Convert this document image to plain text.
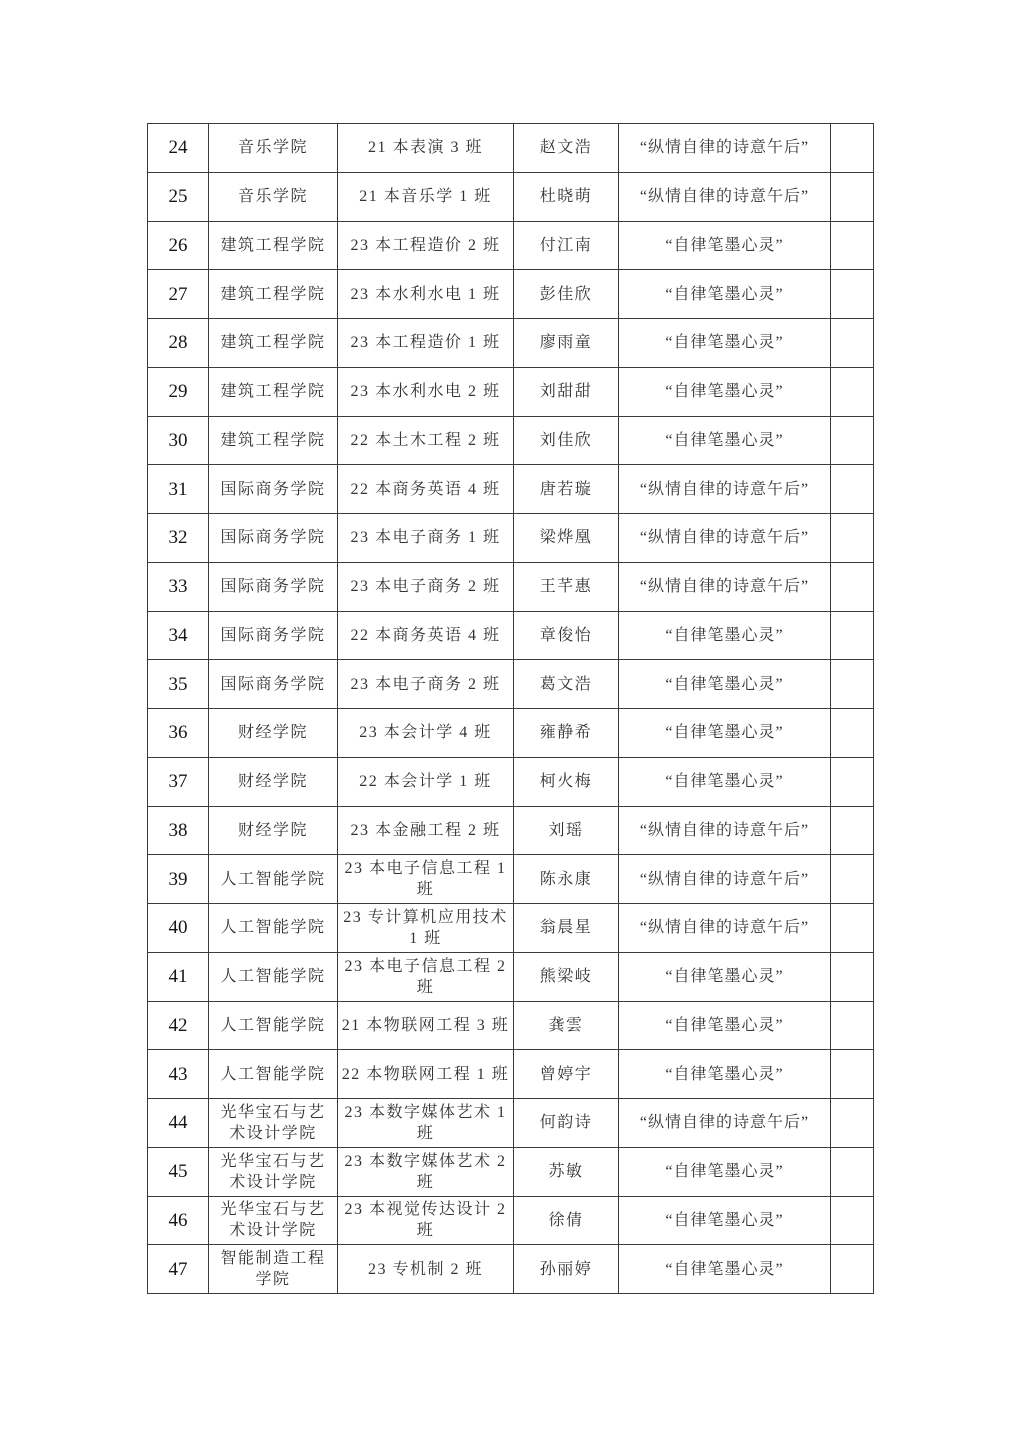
24	音乐学院	21 本表演 3 班	赵文浩	“纵情自律的诗意午后”	
25	音乐学院	21 本音乐学 1 班	杜晓萌	“纵情自律的诗意午后”	
26	建筑工程学院	23 本工程造价 2 班	付江南	“自律笔墨心灵”	
27	建筑工程学院	23 本水利水电 1 班	彭佳欣	“自律笔墨心灵”	
28	建筑工程学院	23 本工程造价 1 班	廖雨童	“自律笔墨心灵”	
29	建筑工程学院	23 本水利水电 2 班	刘甜甜	“自律笔墨心灵”	
30	建筑工程学院	22 本土木工程 2 班	刘佳欣	“自律笔墨心灵”	
31	国际商务学院	22 本商务英语 4 班	唐若璇	“纵情自律的诗意午后”	
32	国际商务学院	23 本电子商务 1 班	梁烨凰	“纵情自律的诗意午后”	
33	国际商务学院	23 本电子商务 2 班	王芊惠	“纵情自律的诗意午后”	
34	国际商务学院	22 本商务英语 4 班	章俊怡	“自律笔墨心灵”	
35	国际商务学院	23 本电子商务 2 班	葛文浩	“自律笔墨心灵”	
36	财经学院	23 本会计学 4 班	雍静希	“自律笔墨心灵”	
37	财经学院	22 本会计学 1 班	柯火梅	“自律笔墨心灵”	
38	财经学院	23 本金融工程 2 班	刘瑶	“纵情自律的诗意午后”	
39	人工智能学院	23 本电子信息工程 1 班	陈永康	“纵情自律的诗意午后”	
40	人工智能学院	23 专计算机应用技术 1 班	翁晨星	“纵情自律的诗意午后”	
41	人工智能学院	23 本电子信息工程 2 班	熊梁岐	“自律笔墨心灵”	
42	人工智能学院	21 本物联网工程 3 班	龚雲	“自律笔墨心灵”	
43	人工智能学院	22 本物联网工程 1 班	曾婷宇	“自律笔墨心灵”	
44	光华宝石与艺术设计学院	23 本数字媒体艺术 1 班	何韵诗	“纵情自律的诗意午后”	
45	光华宝石与艺术设计学院	23 本数字媒体艺术 2 班	苏敏	“自律笔墨心灵”	
46	光华宝石与艺术设计学院	23 本视觉传达设计 2 班	徐倩	“自律笔墨心灵”	
47	智能制造工程学院	23 专机制 2 班	孙丽婷	“自律笔墨心灵”	
